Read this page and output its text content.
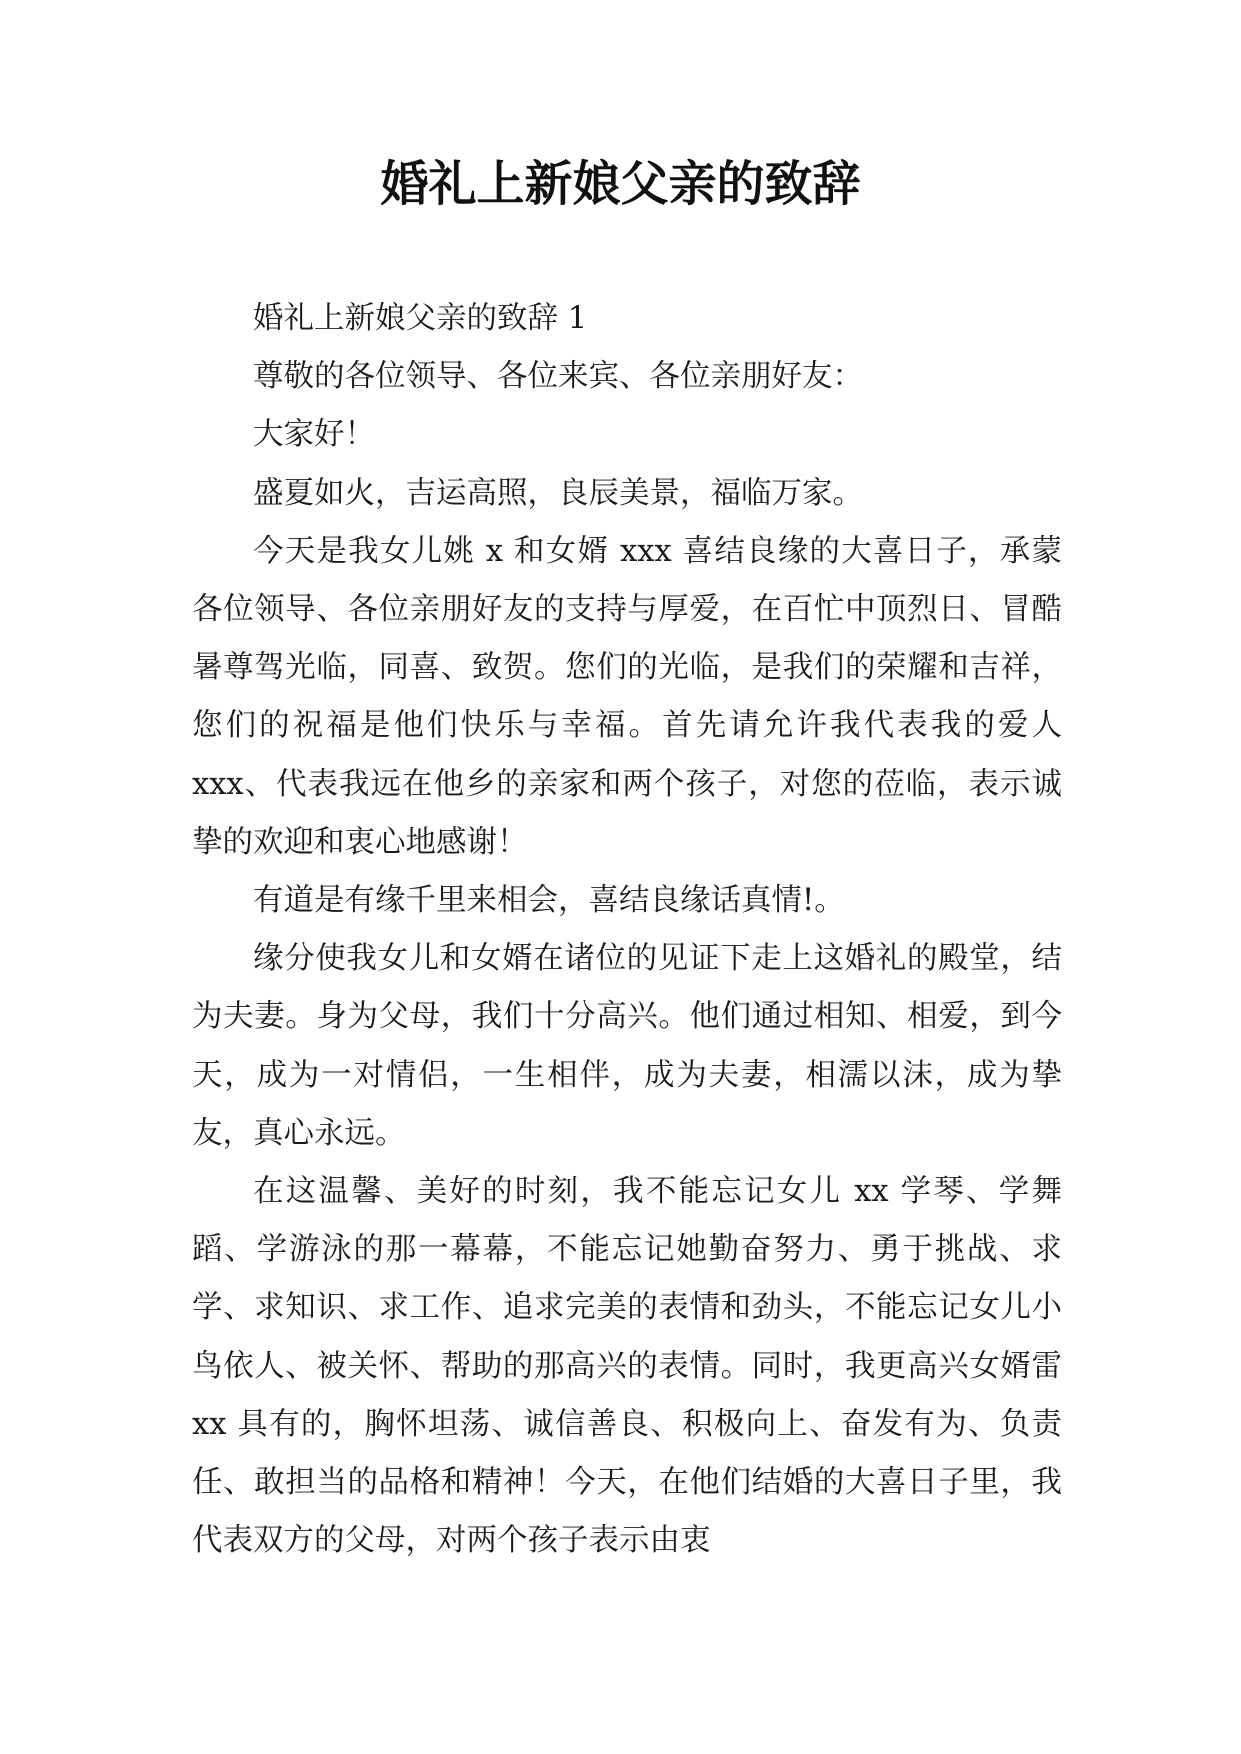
婚礼上新娘父亲的致辞

婚礼上新娘父亲的致辞 1

尊敬的各位领导、各位来宾、各位亲朋好友：

大家好！

盛夏如火，吉运高照，良辰美景，福临万家。

今天是我女儿姚 x 和女婿 xxx 喜结良缘的大喜日子，承蒙各位领导、各位亲朋好友的支持与厚爱，在百忙中顶烈日、冒酷暑尊驾光临，同喜、致贺。您们的光临，是我们的荣耀和吉祥，您们的祝福是他们快乐与幸福。首先请允许我代表我的爱人 xxx、代表我远在他乡的亲家和两个孩子，对您的莅临，表示诚挚的欢迎和衷心地感谢！

有道是有缘千里来相会，喜结良缘话真情!。

缘分使我女儿和女婿在诸位的见证下走上这婚礼的殿堂，结为夫妻。身为父母，我们十分高兴。他们通过相知、相爱，到今天，成为一对情侣，一生相伴，成为夫妻，相濡以沫，成为挚友，真心永远。

在这温馨、美好的时刻，我不能忘记女儿 xx 学琴、学舞蹈、学游泳的那一幕幕，不能忘记她勤奋努力、勇于挑战、求学、求知识、求工作、追求完美的表情和劲头，不能忘记女儿小鸟依人、被关怀、帮助的那高兴的表情。同时，我更高兴女婿雷 xx 具有的，胸怀坦荡、诚信善良、积极向上、奋发有为、负责任、敢担当的品格和精神！今天，在他们结婚的大喜日子里，我代表双方的父母，对两个孩子表示由衷
